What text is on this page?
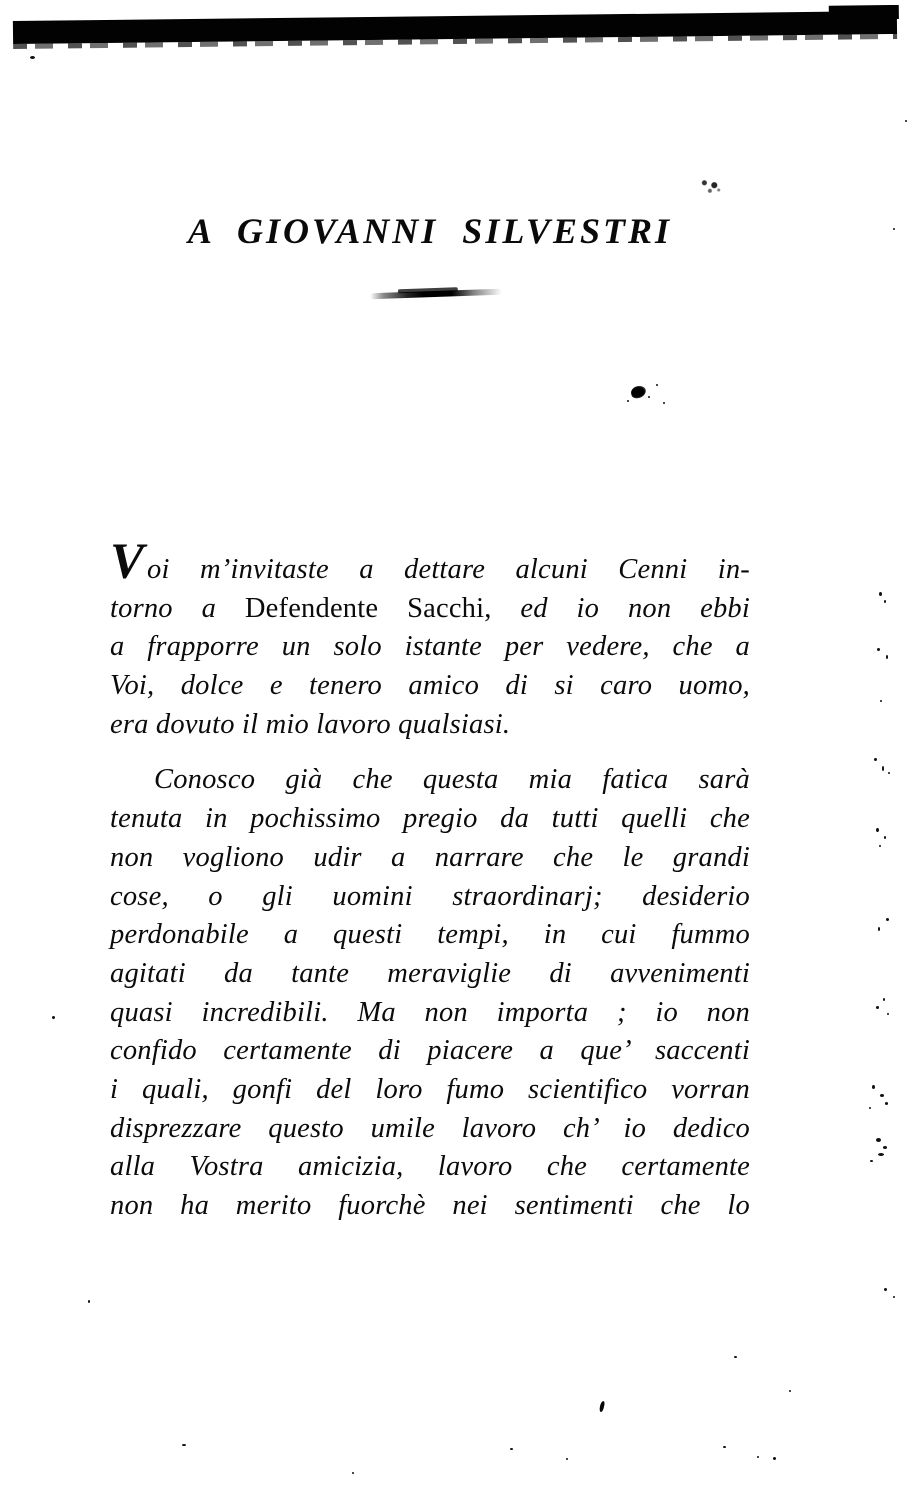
A GIOVANNI SILVESTRI
Voi m’invitaste a dettare alcuni Cenni in-
torno a Defendente Sacchi, ed io non ebbi
a frapporre un solo istante per vedere, che a
Voi, dolce e tenero amico di si caro uomo,
era dovuto il mio lavoro qualsiasi.
Conosco già che questa mia fatica sarà
tenuta in pochissimo pregio da tutti quelli che
non vogliono udir a narrare che le grandi
cose, o gli uomini straordinarj; desiderio
perdonabile a questi tempi, in cui fummo
agitati da tante meraviglie di avvenimenti
quasi incredibili. Ma non importa ; io non
confido certamente di piacere a que’ saccenti
i quali, gonfi del loro fumo scientifico vorran
disprezzare questo umile lavoro ch’ io dedico
alla Vostra amicizia, lavoro che certamente
non ha merito fuorchè nei sentimenti che lo
